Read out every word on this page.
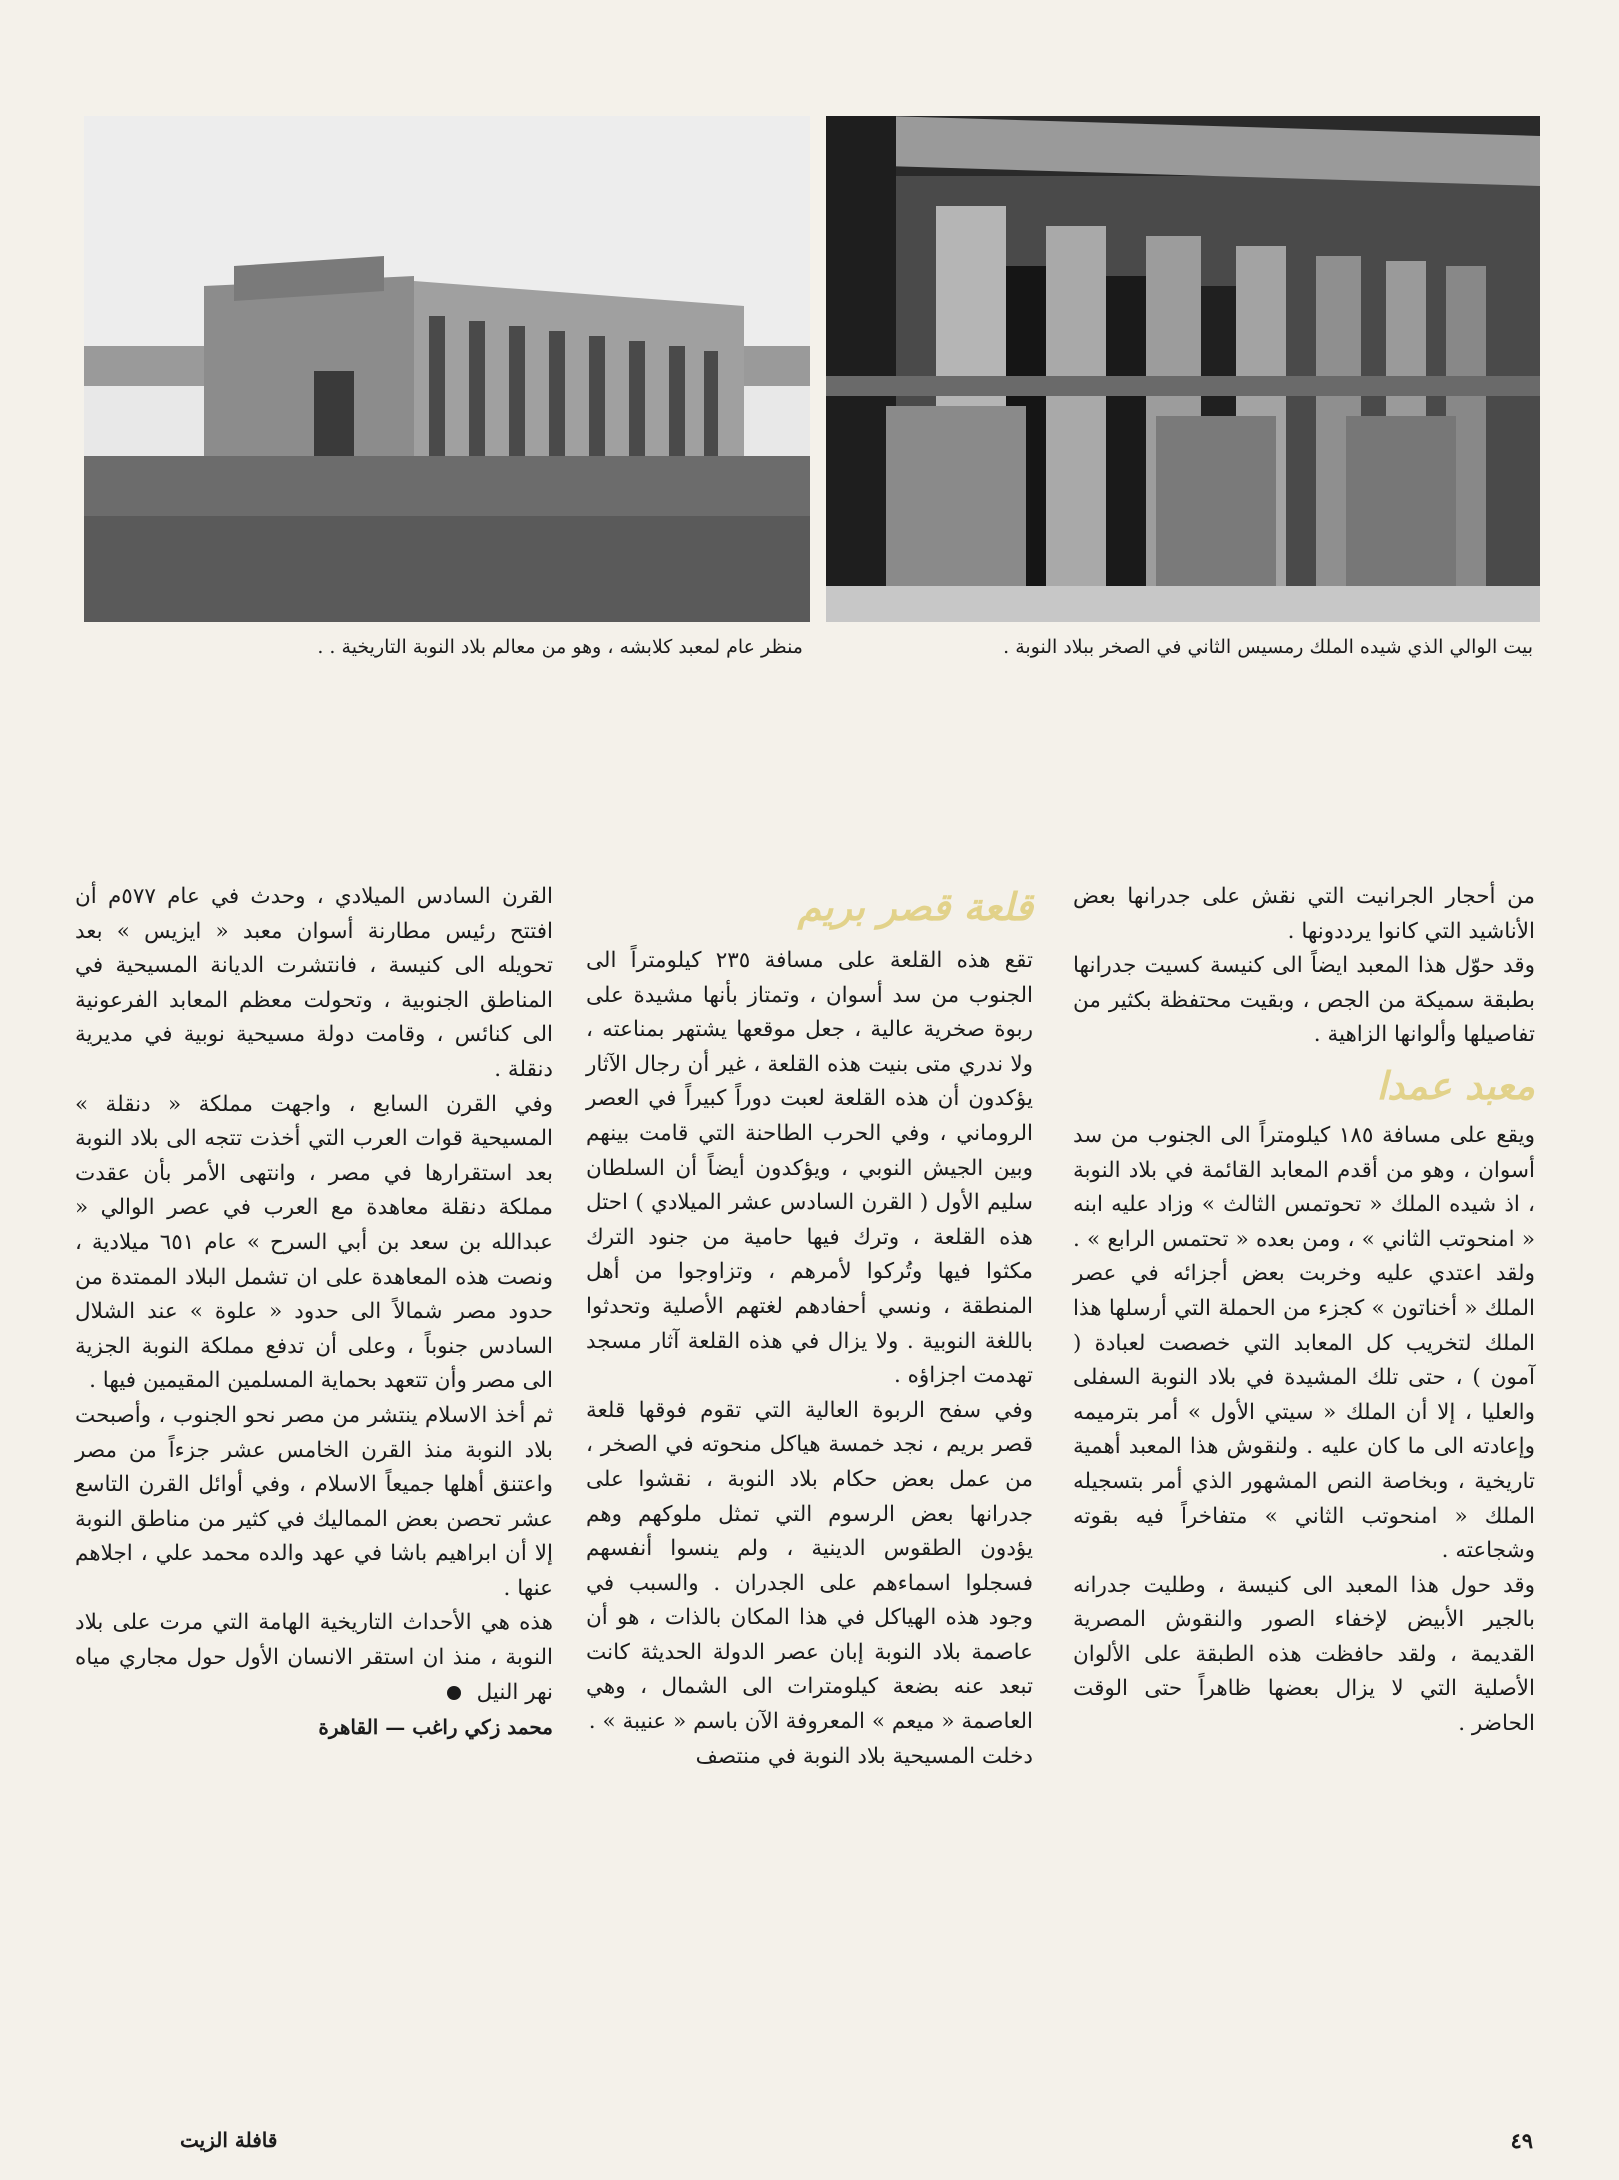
بيت الوالي الذي شيده الملك رمسيس الثاني في الصخر ببلاد النوبة .
منظر عام لمعبد كلابشه ، وهو من معالم بلاد النوبة التاريخية . .

من أحجار الجرانيت التي نقش على جدرانها بعض الأناشيد التي كانوا يرددونها .

وقد حوّل هذا المعبد ايضاً الى كنيسة كسيت جدرانها بطبقة سميكة من الجص ، وبقيت محتفظة بكثير من تفاصيلها وألوانها الزاهية .

معبد عمدا

ويقع على مسافة ١٨٥ كيلومتراً الى الجنوب من سد أسوان ، وهو من أقدم المعابد القائمة في بلاد النوبة ، اذ شيده الملك « تحوتمس الثالث » وزاد عليه ابنه « امنحوتب الثاني » ، ومن بعده « تحتمس الرابع » . ولقد اعتدي عليه وخربت بعض أجزائه في عصر الملك « أخناتون » كجزء من الحملة التي أرسلها هذا الملك لتخريب كل المعابد التي خصصت لعبادة ( آمون ) ، حتى تلك المشيدة في بلاد النوبة السفلى والعليا ، إلا أن الملك « سيتي الأول » أمر بترميمه وإعادته الى ما كان عليه . ولنقوش هذا المعبد أهمية تاريخية ، وبخاصة النص المشهور الذي أمر بتسجيله الملك « امنحوتب الثاني » متفاخراً فيه بقوته وشجاعته .

وقد حول هذا المعبد الى كنيسة ، وطليت جدرانه بالجير الأبيض لإخفاء الصور والنقوش المصرية القديمة ، ولقد حافظت هذه الطبقة على الألوان الأصلية التي لا يزال بعضها ظاهراً حتى الوقت الحاضر .

قلعة قصر بريم

تقع هذه القلعة على مسافة ٢٣٥ كيلومتراً الى الجنوب من سد أسوان ، وتمتاز بأنها مشيدة على ربوة صخرية عالية ، جعل موقعها يشتهر بمناعته ، ولا ندري متى بنيت هذه القلعة ، غير أن رجال الآثار يؤكدون أن هذه القلعة لعبت دوراً كبيراً في العصر الروماني ، وفي الحرب الطاحنة التي قامت بينهم وبين الجيش النوبي ، ويؤكدون أيضاً أن السلطان سليم الأول ( القرن السادس عشر الميلادي ) احتل هذه القلعة ، وترك فيها حامية من جنود الترك مكثوا فيها وتُركوا لأمرهم ، وتزاوجوا من أهل المنطقة ، ونسي أحفادهم لغتهم الأصلية وتحدثوا باللغة النوبية . ولا يزال في هذه القلعة آثار مسجد تهدمت اجزاؤه .

وفي سفح الربوة العالية التي تقوم فوقها قلعة قصر بريم ، نجد خمسة هياكل منحوته في الصخر ، من عمل بعض حكام بلاد النوبة ، نقشوا على جدرانها بعض الرسوم التي تمثل ملوكهم وهم يؤدون الطقوس الدينية ، ولم ينسوا أنفسهم فسجلوا اسماءهم على الجدران . والسبب في وجود هذه الهياكل في هذا المكان بالذات ، هو أن عاصمة بلاد النوبة إبان عصر الدولة الحديثة كانت تبعد عنه بضعة كيلومترات الى الشمال ، وهي العاصمة « ميعم » المعروفة الآن باسم « عنيبة » .

دخلت المسيحية بلاد النوبة في منتصف

القرن السادس الميلادي ، وحدث في عام ٥٧٧م أن افتتح رئيس مطارنة أسوان معبد « ايزيس » بعد تحويله الى كنيسة ، فانتشرت الديانة المسيحية في المناطق الجنوبية ، وتحولت معظم المعابد الفرعونية الى كنائس ، وقامت دولة مسيحية نوبية في مديرية دنقلة .

وفي القرن السابع ، واجهت مملكة « دنقلة » المسيحية قوات العرب التي أخذت تتجه الى بلاد النوبة بعد استقرارها في مصر ، وانتهى الأمر بأن عقدت مملكة دنقلة معاهدة مع العرب في عصر الوالي « عبدالله بن سعد بن أبي السرح » عام ٦٥١ ميلادية ، ونصت هذه المعاهدة على ان تشمل البلاد الممتدة من حدود مصر شمالاً الى حدود « علوة » عند الشلال السادس جنوباً ، وعلى أن تدفع مملكة النوبة الجزية الى مصر وأن تتعهد بحماية المسلمين المقيمين فيها .

ثم أخذ الاسلام ينتشر من مصر نحو الجنوب ، وأصبحت بلاد النوبة منذ القرن الخامس عشر جزءاً من مصر واعتنق أهلها جميعاً الاسلام ، وفي أوائل القرن التاسع عشر تحصن بعض المماليك في كثير من مناطق النوبة إلا أن ابراهيم باشا في عهد والده محمد علي ، اجلاهم عنها .

هذه هي الأحداث التاريخية الهامة التي مرت على بلاد النوبة ، منذ ان استقر الانسان الأول حول مجاري مياه نهر النيل

محمد زكي راغب — القاهرة

٤٩
قافلة الزيت
